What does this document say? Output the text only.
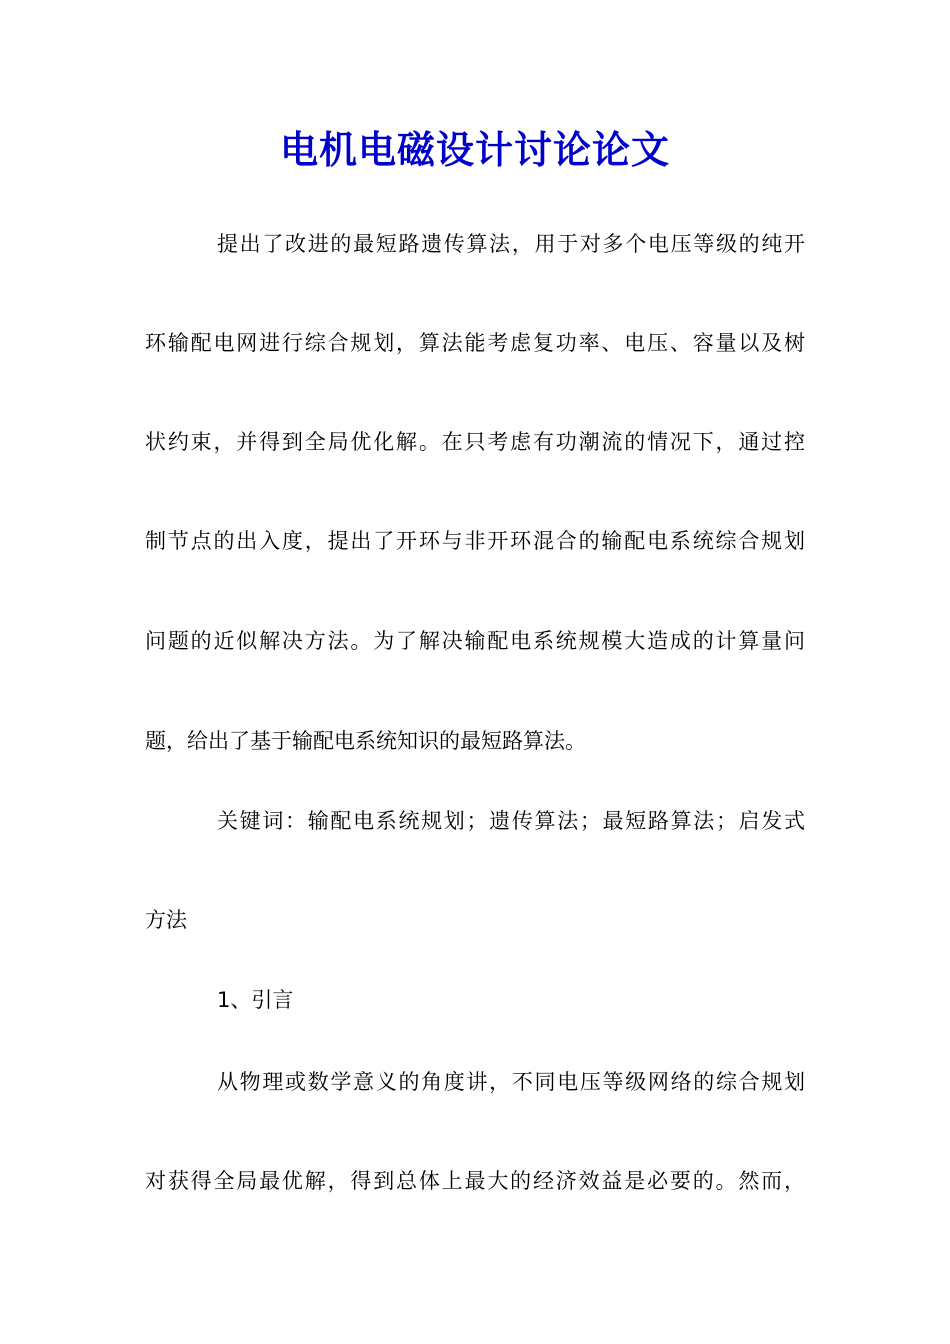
电机电磁设计讨论论文
提出了改进的最短路遗传算法，用于对多个电压等级的纯开
环输配电网进行综合规划，算法能考虑复功率、电压、容量以及树
状约束，并得到全局优化解。在只考虑有功潮流的情况下，通过控
制节点的出入度，提出了开环与非开环混合的输配电系统综合规划
问题的近似解决方法。为了解决输配电系统规模大造成的计算量问
题，给出了基于输配电系统知识的最短路算法。
关键词：输配电系统规划；遗传算法；最短路算法；启发式
方法
1、引言
从物理或数学意义的角度讲，不同电压等级网络的综合规划
对获得全局最优解，得到总体上最大的经济效益是必要的。然而，
